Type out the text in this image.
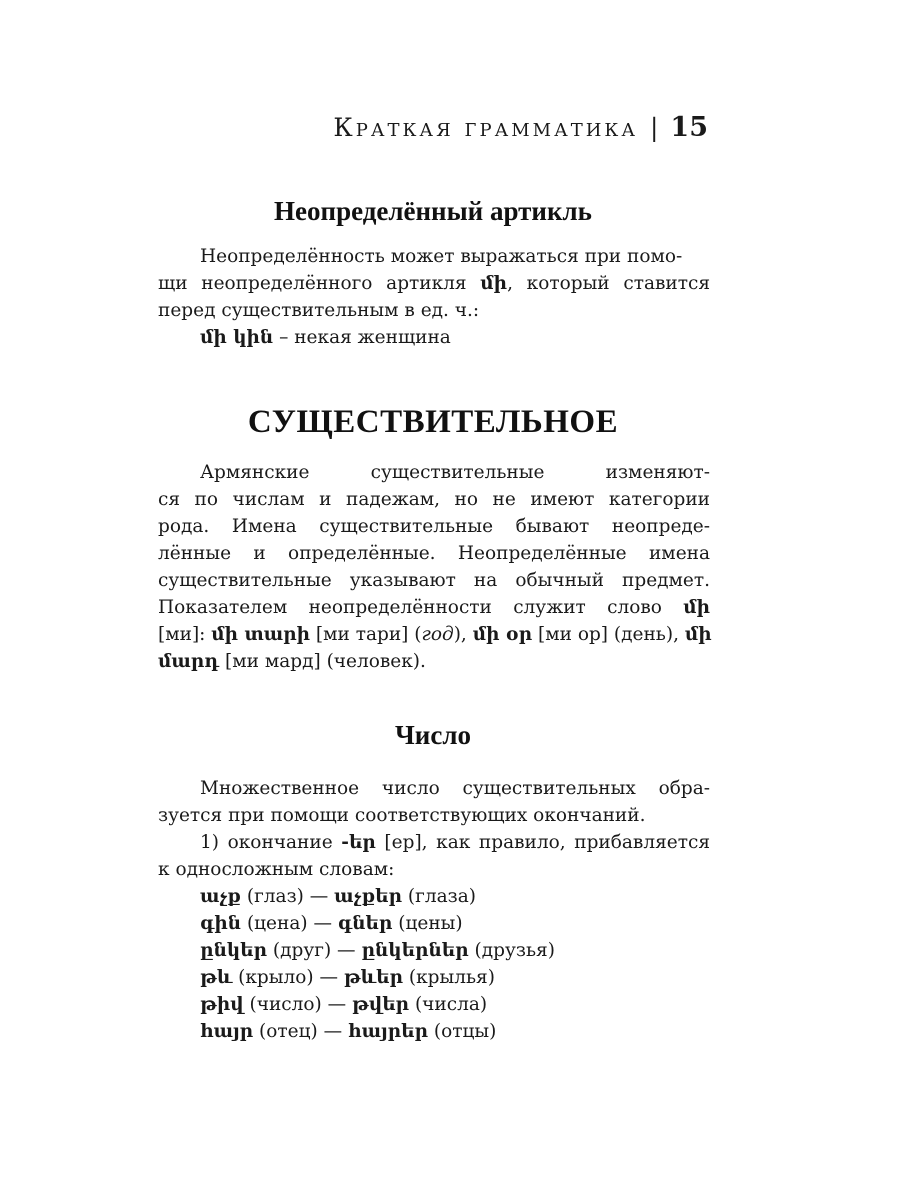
Краткая грамматика | 15
Неопределённый артикль
Неопределённость может выражаться при помо-
щи неопределённого артикля մի, который ставится
перед существительным в ед. ч.:
մի կին – некая женщина
СУЩЕСТВИТЕЛЬНОЕ
Армянские существительные изменяют-
ся по числам и падежам, но не имеют категории
рода. Имена существительные бывают неопреде-
лённые и определённые. Неопределённые имена
существительные указывают на обычный предмет.
Показателем неопределённости служит слово մի
[ми]: մի տարի [ми тари] (год), մի օր [ми ор] (день), մի
մարդ [ми мард] (человек).
Число
Множественное число существительных обра-
зуется при помощи соответствующих окончаний.
1) окончание -եր [ер], как правило, прибавляется
к односложным словам:
աչք (глаз) — աչքեր (глаза)
գին (цена) — գներ (цены)
ընկեր (друг) — ընկերներ (друзья)
թև (крыло) — թևեր (крылья)
թիվ (число) — թվեր (числа)
հայր (отец) — հայրեր (отцы)
